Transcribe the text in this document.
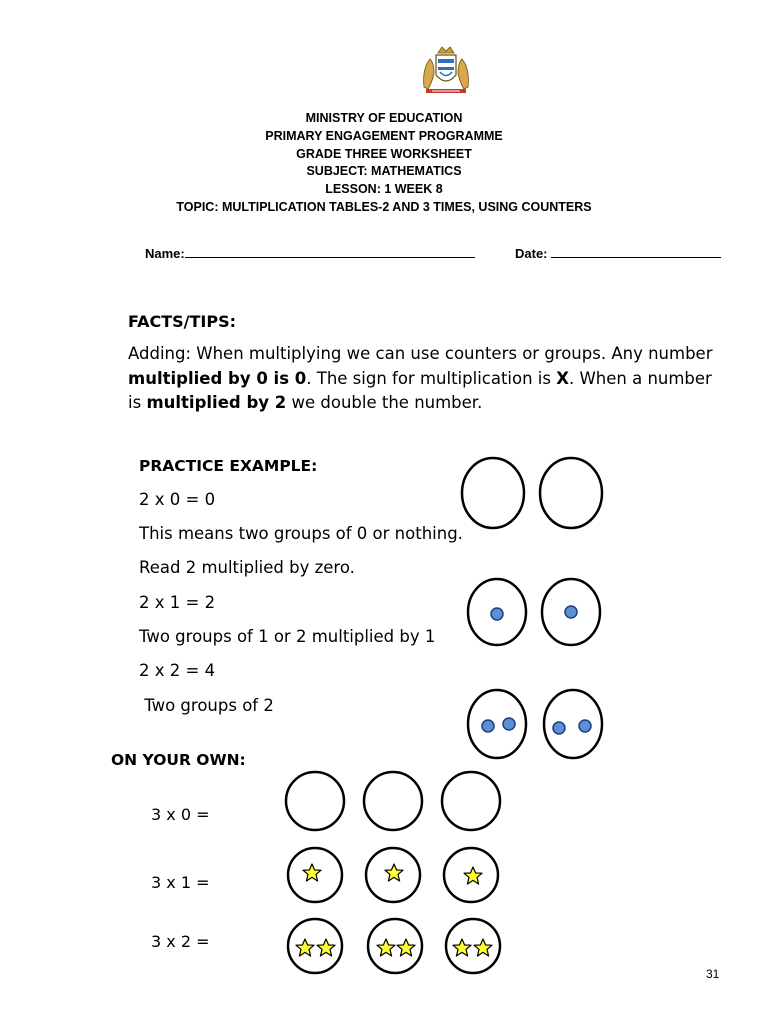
MINISTRY OF EDUCATION
PRIMARY ENGAGEMENT PROGRAMME
GRADE THREE WORKSHEET
SUBJECT: MATHEMATICS
LESSON: 1 WEEK 8
TOPIC: MULTIPLICATION TABLES-2 AND 3 TIMES, USING COUNTERS
Name:	Date:
FACTS/TIPS:
Adding: When multiplying we can use counters or groups. Any number multiplied by 0 is 0. The sign for multiplication is X. When a number is multiplied by 2 we double the number.
PRACTICE EXAMPLE:
2 x 0 = 0
This means two groups of 0 or nothing.
Read 2 multiplied by zero.
2 x 1 = 2
Two groups of 1 or 2 multiplied by 1
2 x 2 = 4
Two groups of 2
ON YOUR OWN:
3 x 0 =
3 x 1 =
3 x 2 =
31
